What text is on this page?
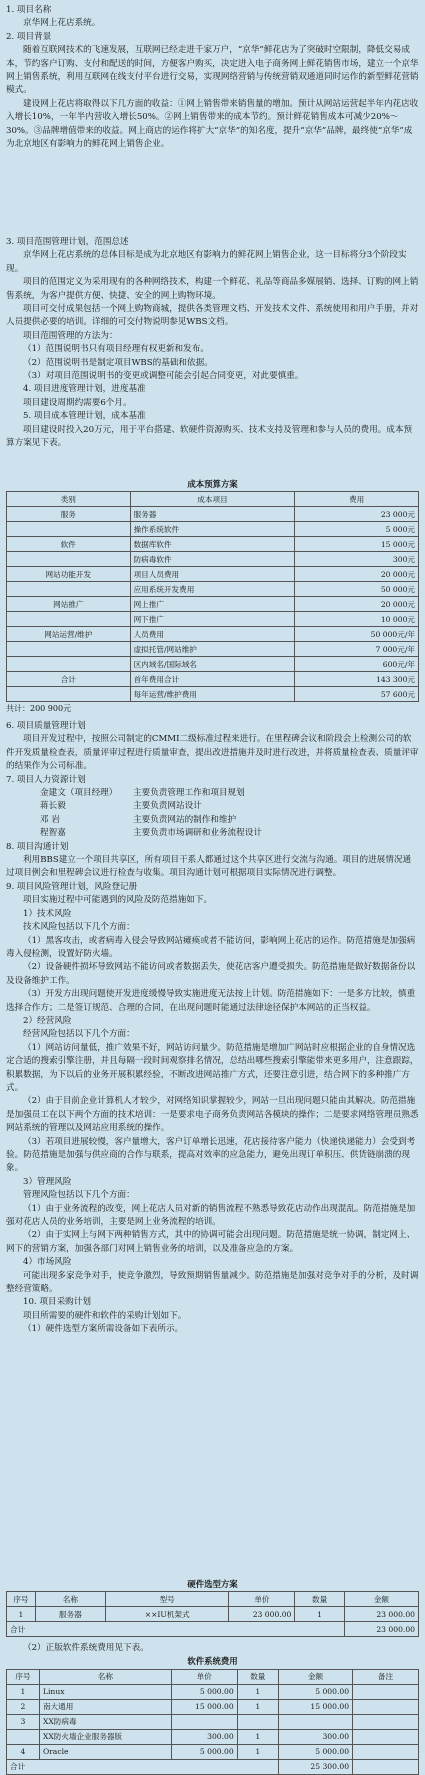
1. 项目名称

京华网上花店系统。

2. 项目背景

随着互联网技术的飞速发展，互联网已经走进千家万户，“京华”鲜花店为了突破时空限制，降低交易成本，节约客户订购、支付和配送的时间，方便客户购买，决定进入电子商务网上鲜花销售市场，建立一个京华网上销售系统，利用互联网在线支付平台进行交易，实现网络营销与传统营销双通道同时运作的新型鲜花营销模式。

建设网上花店将取得以下几方面的收益：①网上销售带来销售量的增加。预计从网站运营起半年内花店收入增长10%，一年半内营收入增长50%。②网上销售带来的成本节约。预计鲜花销售成本可减少20%～30%。③品牌增值带来的收益。网上商店的运作将扩大“京华”的知名度，提升“京华”品牌，最终使“京华”成为北京地区有影响力的鲜花网上销售企业。

3. 项目范围管理计划，范围总述

京华网上花店系统的总体目标是成为北京地区有影响力的鲜花网上销售企业，这一目标将分3个阶段实现。

项目的范围定义为采用现有的各种网络技术，构建一个鲜花、礼品等商品多媒展销、选择、订购的网上销售系统，为客户提供方便、快捷、安全的网上购物环境。

项目可交付成果包括一个网上购物商城，提供各类管理文档、开发技术文件、系统使用和用户手册，并对人员提供必要的培训。详细的可交付物说明参见WBS文档。

项目范围管理的方法为：

（1）范围说明书只有项目经理有权更新和发布。

（2）范围说明书是制定项目WBS的基础和依据。

（3）对项目范围说明书的变更或调整可能会引起合同变更，对此要慎重。

4. 项目进度管理计划，进度基准

项目建设周期约需要6个月。

5. 项目成本管理计划，成本基准

项目建设时投入20万元，用于平台搭建、软硬件资源购买、技术支持及管理和参与人员的费用。成本预算方案见下表。

成本预算方案
类别	成本项目	费用
服务	服务器	23 000元
	操作系统软件	5 000元
软件	数据库软件	15 000元
	防病毒软件	300元
网站功能开发	项目人员费用	20 000元
	应用系统开发费用	50 000元
网站推广	网上推广	20 000元
	网下推广	10 000元
网站运营/维护	人员费用	50 000元/年
	虚拟托管/网站维护	7 000元/年
	区内域名/国际域名	600元/年
合计	首年费用合计	143 300元
	每年运营/维护费用	57 600元
共计：200 900元

6. 项目质量管理计划

项目开发过程中，按照公司制定的CMMI二级标准过程来进行。在里程碑会议和阶段会上检测公司的软件开发质量检查表，质量评审过程进行质量审查，提出改进措施并及时进行改进，并将质量检查表、质量评审的结果作为公司标准。

7. 项目人力资源计划

金建文（项目经理） 主要负责管理工作和项目规划

蒋长毅	主要负责网站设计

邓 岩	主要负责网站的制作和维护

程智嘉	主要负责市场调研和业务流程设计

8. 项目沟通计划

利用BBS建立一个项目共享区，所有项目干系人都通过这个共享区进行交流与沟通。项目的进展情况通过项目例会和里程碑会议进行检查与收集。项目沟通计划可根据项目实际情况进行调整。

9. 项目风险管理计划，风险登记册

项目实施过程中可能遇到的风险及防范措施如下。

1）技术风险

技术风险包括以下几个方面：

（1）黑客攻击，或者病毒入侵会导致网站瘫痪或者不能访问，影响网上花店的运作。防范措施是加强病毒入侵检测，设置好防火墙。

（2）设备硬件损坏导致网站不能访问或者数据丢失，使花店客户遭受损失。防范措施是做好数据备份以及设备维护工作。

（3）开发方出现问题使开发进度缓慢导致实施进度无法按上计划。防范措施如下：一是多方比较，慎重选择合作方；二是签订规范、合理的合同，在出现问题时能通过法律途径保护本网站的正当权益。

2）经营风险

经营风险包括以下几个方面：

（1）网站访问量低，推广效果不好，网站访问量少。防范措施是增加广网站时应根据企业的自身情况选定合适的搜索引擎注册，并且每隔一段时间观察排名情况，总结出哪些搜索引擎能带来更多用户，注意跟踪，积累数据，为下以后的业务开展积累经验，不断改进网站推广方式，还要注意引进，结合网下的多种推广方式。

（2）由于目前企业计算机人才较少，对网络知识掌握较少，网站一旦出现问题只能由其解决。防范措施是加强员工在以下两个方面的技术培训：一是要求电子商务负责网站各模块的操作；二是要求网络管理员熟悉网站系统的管理以及网站应用系统的操作。

（3）若项目进展较慢，客户量增大，客户订单增长迅速，花店接待客户能力（快递快递能力）会受到考验。防范措施是加强与供应商的合作与联系，提高对效率的应急能力，避免出现订单积压、供货链崩溃的现象。

3）管理风险

管理风险包括以下几个方面：

（1）由于业务流程的改变，网上花店人员对新的销售流程不熟悉导致花店动作出现混乱。防范措施是加强对花店人员的业务培训，主要是网上业务流程的培训。

（2）由于实网上与网下两种销售方式，其中的协调可能会出现问题。防范措施是统一协调，制定网上、网下的营销方案，加强各部门对网上销售业务的培训，以及准备应急的方案。

4）市场风险

可能出现多家竞争对手，使竞争激烈，导致预期销售量减少。防范措施是加强对竞争对手的分析，及时调整经营策略。

10. 项目采购计划

项目所需要的硬件和软件的采购计划如下。

（1）硬件选型方案所需设备如下表所示。

硬件选型方案
序号	名称	型号	单价	数量	金额
1	服务器	××IU机架式	23 000.00	1	23 000.00
合计					23 000.00

（2）正版软件系统费用见下表。

软件系统费用
序号	名称	单价	数量	金额	备注
1	Linux	5 000.00	1	5 000.00	
2	南大通用	15 000.00	1	15 000.00	
3	XX防病毒				
	XX防火墙企业服务器版	300.00	1	300.00	
4	Oracle	5 000.00	1	5 000.00	
合计				25 300.00	
